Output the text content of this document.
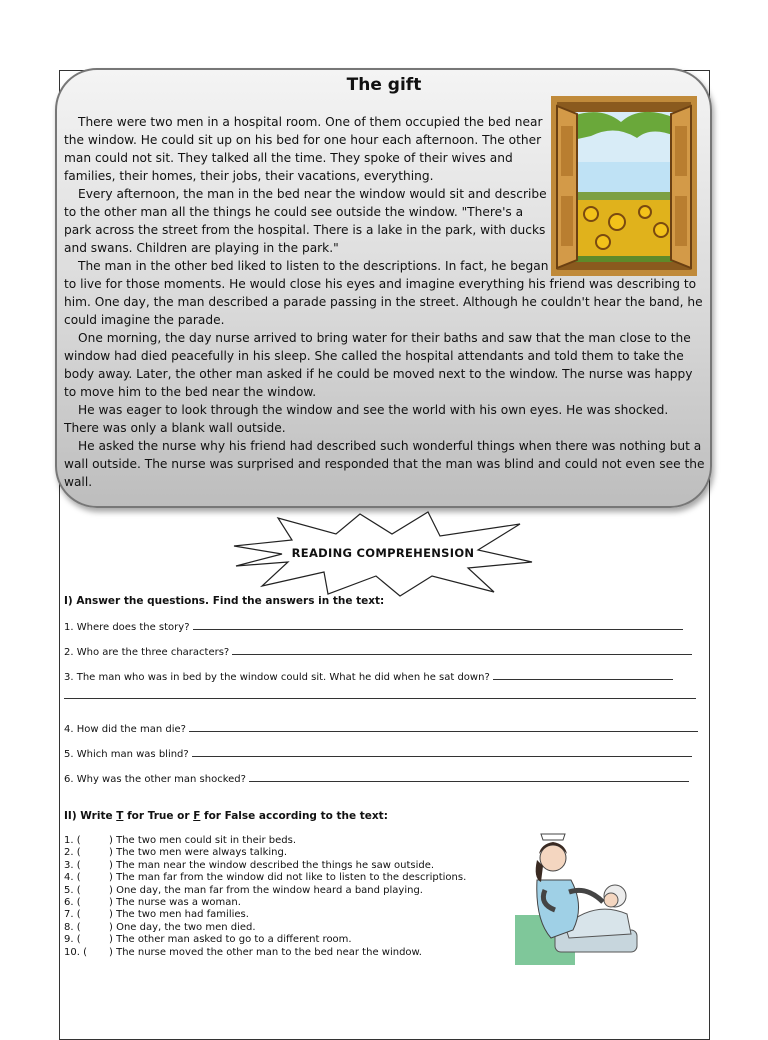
The gift

There were two men in a hospital room. One of them occupied the bed near the window. He could sit up on his bed for one hour each afternoon. The other man could not sit. They talked all the time. They spoke of their wives and families, their homes, their jobs, their vacations, everything.

Every afternoon, the man in the bed near the window would sit and describe to the other man all the things he could see outside the window. "There's a park across the street from the hospital. There is a lake in the park, with ducks and swans. Children are playing in the park."

The man in the other bed liked to listen to the descriptions. In fact, he began to live for those moments. He would close his eyes and imagine everything his friend was describing to him. One day, the man described a parade passing in the street. Although he couldn't hear the band, he could imagine the parade.

One morning, the day nurse arrived to bring water for their baths and saw that the man close to the window had died peacefully in his sleep. She called the hospital attendants and told them to take the body away. Later, the other man asked if he could be moved next to the window. The nurse was happy to move him to the bed near the window.

He was eager to look through the window and see the world with his own eyes. He was shocked. There was only a blank wall outside.

He asked the nurse why his friend had described such wonderful things when there was nothing but a wall outside. The nurse was surprised and responded that the man was blind and could not even see the wall.

READING COMPREHENSION
I) Answer the questions. Find the answers in the text:
1. Where does the story?
2. Who are the three characters?
3. The man who was in bed by the window could sit. What he did when he sat down?
4. How did the man die?
5. Which man was blind?
6. Why was the other man shocked?
II) Write T for True or F for False according to the text:
1. (	) The two men could sit in their beds.
2. (	) The two men were always talking.
3. (	) The man near the window described the things he saw outside.
4. (	) The man far from the window did not like to listen to the descriptions.
5. (	) One day, the man far from the window heard a band playing.
6. (	) The nurse was a woman.
7. (	) The two men had families.
8. (	) One day, the two men died.
9. (	) The other man asked to go to a different room.
10. ( ) The nurse moved the other man to the bed near the window.
